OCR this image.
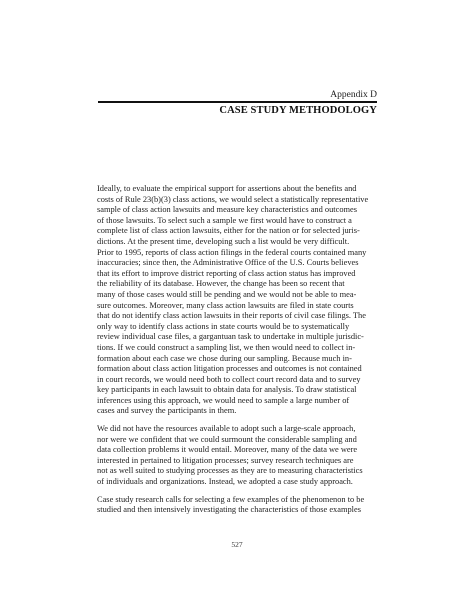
Appendix D
CASE STUDY METHODOLOGY

Ideally, to evaluate the empirical support for assertions about the benefits and
costs of Rule 23(b)(3) class actions, we would select a statistically representative
sample of class action lawsuits and measure key characteristics and outcomes
of those lawsuits. To select such a sample we first would have to construct a
complete list of class action lawsuits, either for the nation or for selected juris-
dictions. At the present time, developing such a list would be very difficult.
Prior to 1995, reports of class action filings in the federal courts contained many
inaccuracies; since then, the Administrative Office of the U.S. Courts believes
that its effort to improve district reporting of class action status has improved
the reliability of its database. However, the change has been so recent that
many of those cases would still be pending and we would not be able to mea-
sure outcomes. Moreover, many class action lawsuits are filed in state courts
that do not identify class action lawsuits in their reports of civil case filings. The
only way to identify class actions in state courts would be to systematically
review individual case files, a gargantuan task to undertake in multiple jurisdic-
tions. If we could construct a sampling list, we then would need to collect in-
formation about each case we chose during our sampling. Because much in-
formation about class action litigation processes and outcomes is not contained
in court records, we would need both to collect court record data and to survey
key participants in each lawsuit to obtain data for analysis. To draw statistical
inferences using this approach, we would need to sample a large number of
cases and survey the participants in them.

We did not have the resources available to adopt such a large-scale approach,
nor were we confident that we could surmount the considerable sampling and
data collection problems it would entail. Moreover, many of the data we were
interested in pertained to litigation processes; survey research techniques are
not as well suited to studying processes as they are to measuring characteristics
of individuals and organizations. Instead, we adopted a case study approach.

Case study research calls for selecting a few examples of the phenomenon to be
studied and then intensively investigating the characteristics of those examples

527
